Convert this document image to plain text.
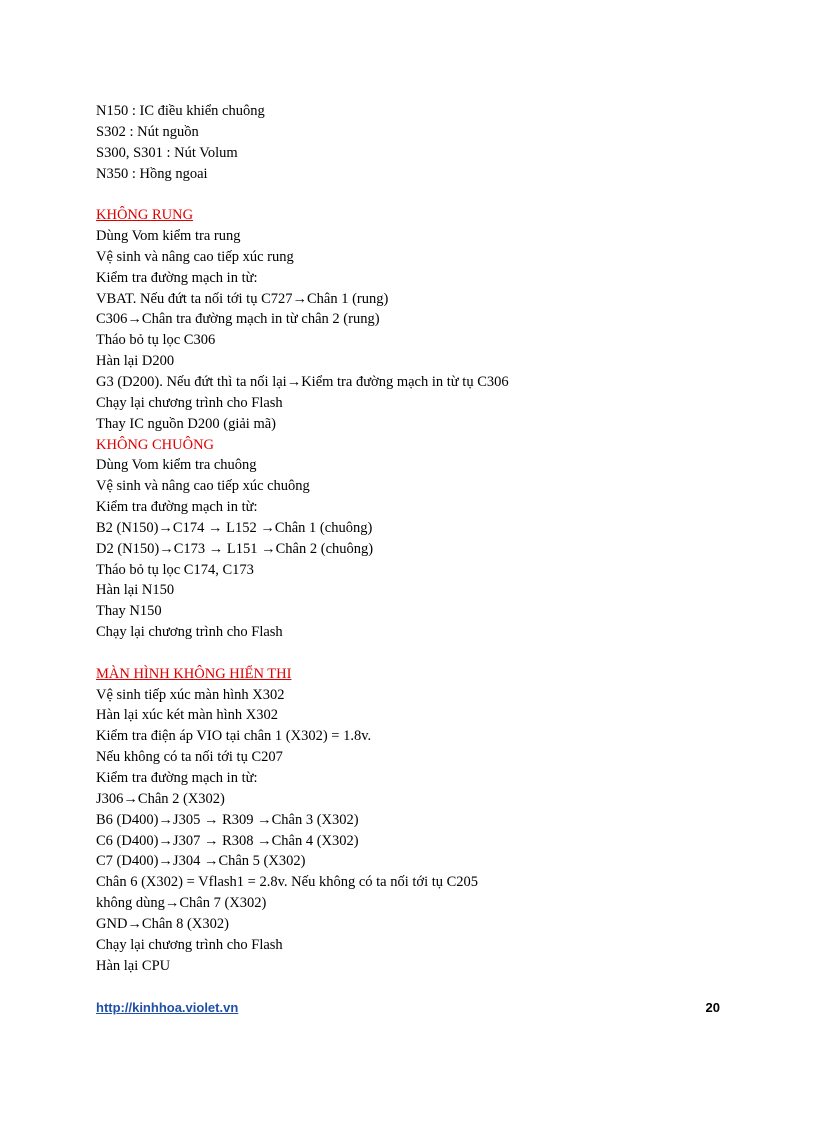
N150 : IC điều khiển chuông
S302 : Nút nguồn
S300, S301 : Nút Volum
N350 : Hồng ngoai
KHÔNG RUNG
Dùng Vom kiểm tra rung
Vệ sinh và nâng cao tiếp xúc rung
Kiểm tra đường mạch in từ:
VBAT. Nếu đứt ta nối tới tụ C727→Chân 1 (rung)
C306→Chân tra đường mạch in từ chân 2 (rung)
Tháo bỏ tụ lọc C306
Hàn lại D200
G3 (D200). Nếu đứt thì ta nối lại→Kiểm tra đường mạch in từ tụ C306
Chạy lại chương trình cho Flash
Thay IC nguồn D200 (giải mã)
KHÔNG CHUÔNG
Dùng Vom kiểm tra chuông
Vệ sinh và nâng cao tiếp xúc chuông
Kiểm tra đường mạch in từ:
B2 (N150)→C174 → L152 →Chân 1 (chuông)
D2 (N150)→C173 → L151 →Chân 2 (chuông)
Tháo bỏ tụ lọc C174, C173
Hàn lại N150
Thay N150
Chạy lại chương trình cho Flash
MÀN HÌNH KHÔNG HIỂN THI
Vệ sinh tiếp xúc màn hình X302
Hàn lại xúc két màn hình X302
Kiểm tra điện áp VIO tại chân 1 (X302) = 1.8v.
Nếu không có ta nối tới tụ C207
Kiểm tra đường mạch in từ:
J306→Chân 2 (X302)
B6 (D400)→J305 → R309 →Chân 3 (X302)
C6 (D400)→J307 → R308 →Chân 4 (X302)
C7 (D400)→J304 →Chân 5 (X302)
Chân 6 (X302) = Vflash1 = 2.8v. Nếu không có ta nối tới tụ C205
không dùng→Chân 7 (X302)
GND→Chân 8 (X302)
Chạy lại chương trình cho Flash
Hàn lại CPU
http://kinhhoa.violet.vn	20
